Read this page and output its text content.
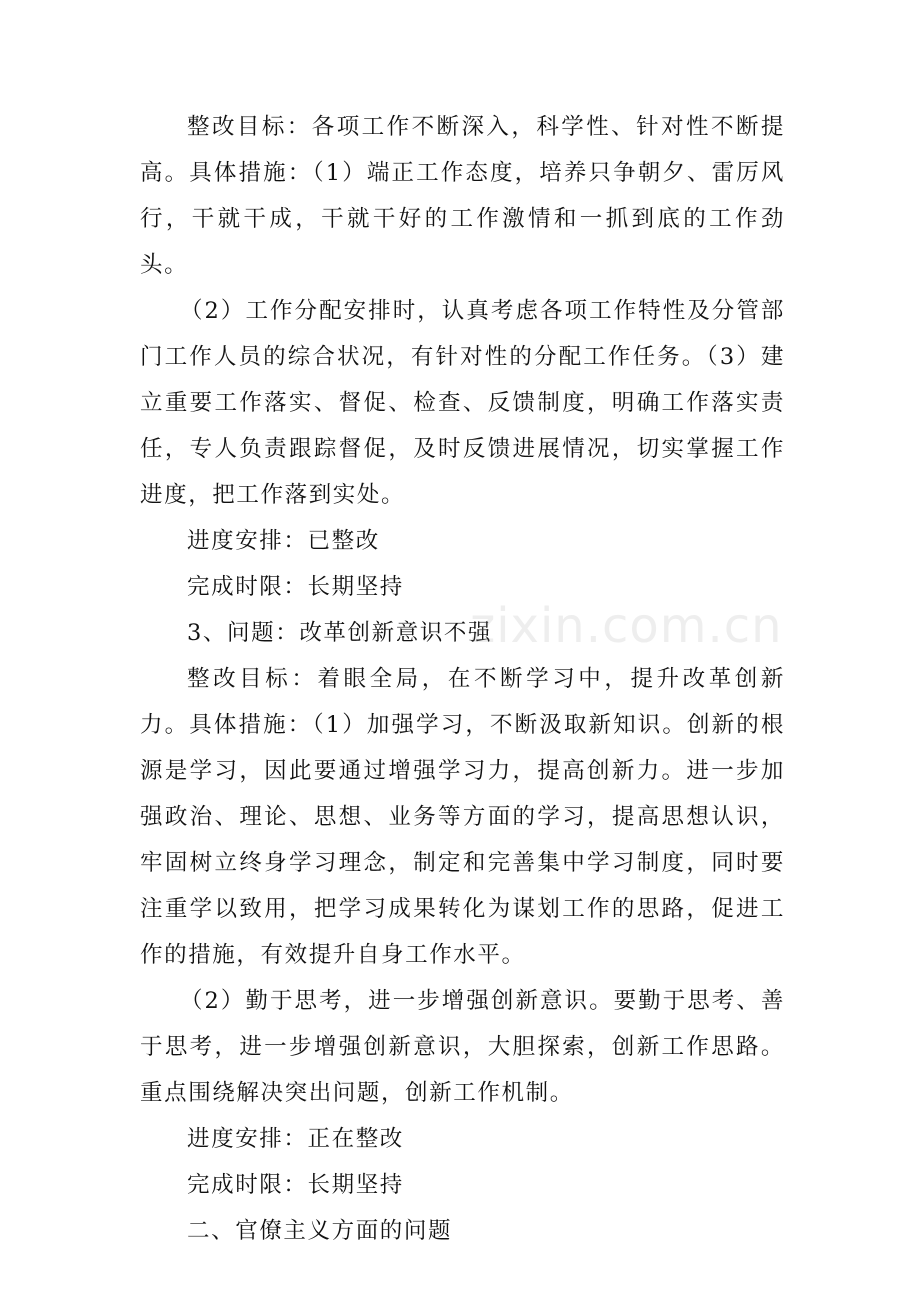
整改目标：各项工作不断深入，科学性、针对性不断提高。具体措施：（1）端正工作态度，培养只争朝夕、雷厉风行，干就干成，干就干好的工作激情和一抓到底的工作劲头。

（2）工作分配安排时，认真考虑各项工作特性及分管部门工作人员的综合状况，有针对性的分配工作任务。（3）建立重要工作落实、督促、检查、反馈制度，明确工作落实责任，专人负责跟踪督促，及时反馈进展情况，切实掌握工作进度，把工作落到实处。

进度安排：已整改

完成时限：长期坚持

3、问题：改革创新意识不强

整改目标：着眼全局，在不断学习中，提升改革创新力。具体措施：（1）加强学习，不断汲取新知识。创新的根源是学习，因此要通过增强学习力，提高创新力。进一步加强政治、理论、思想、业务等方面的学习，提高思想认识，牢固树立终身学习理念，制定和完善集中学习制度，同时要注重学以致用，把学习成果转化为谋划工作的思路，促进工作的措施，有效提升自身工作水平。

（2）勤于思考，进一步增强创新意识。要勤于思考、善于思考，进一步增强创新意识，大胆探索，创新工作思路。重点围绕解决突出问题，创新工作机制。

进度安排：正在整改

完成时限：长期坚持

二、官僚主义方面的问题

zixin.com.cn
